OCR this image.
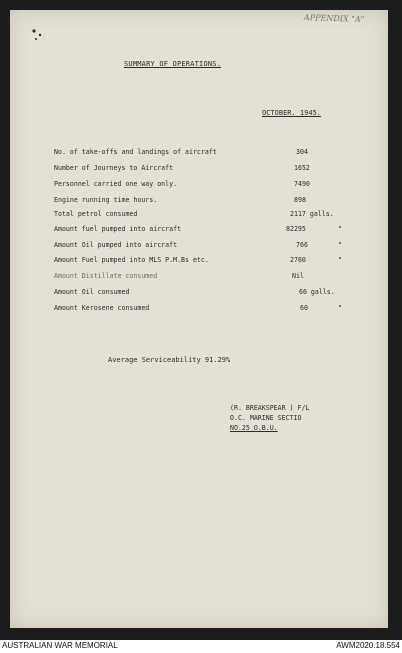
APPENDIX "A"
SUMMARY OF OPERATIONS.
OCTOBER. 1945.
No. of take-offs and landings of aircraft	304
Number of Journeys to Aircraft	1652
Personnel carried one way only.	7490
Engine running time hours.	898
Total petrol consumed	2117 galls.
Amount fuel pumped into aircraft	82295	"
Amount Oil pumped into aircraft	766	"
Amount Fuel pumped into MLS P.M.Bs etc.	2760	"
Amount Distillate consumed	Nil
Amount Oil consumed	66 galls.
Amount Kerosene consumed	60	"
Average Serviceability 91.29%
(R. BREAKSPEAR ) F/L
O.C. MARINE SECTIO
NO.25 O.B.U.
AUSTRALIAN WAR MEMORIAL	AWM2020.18.554
